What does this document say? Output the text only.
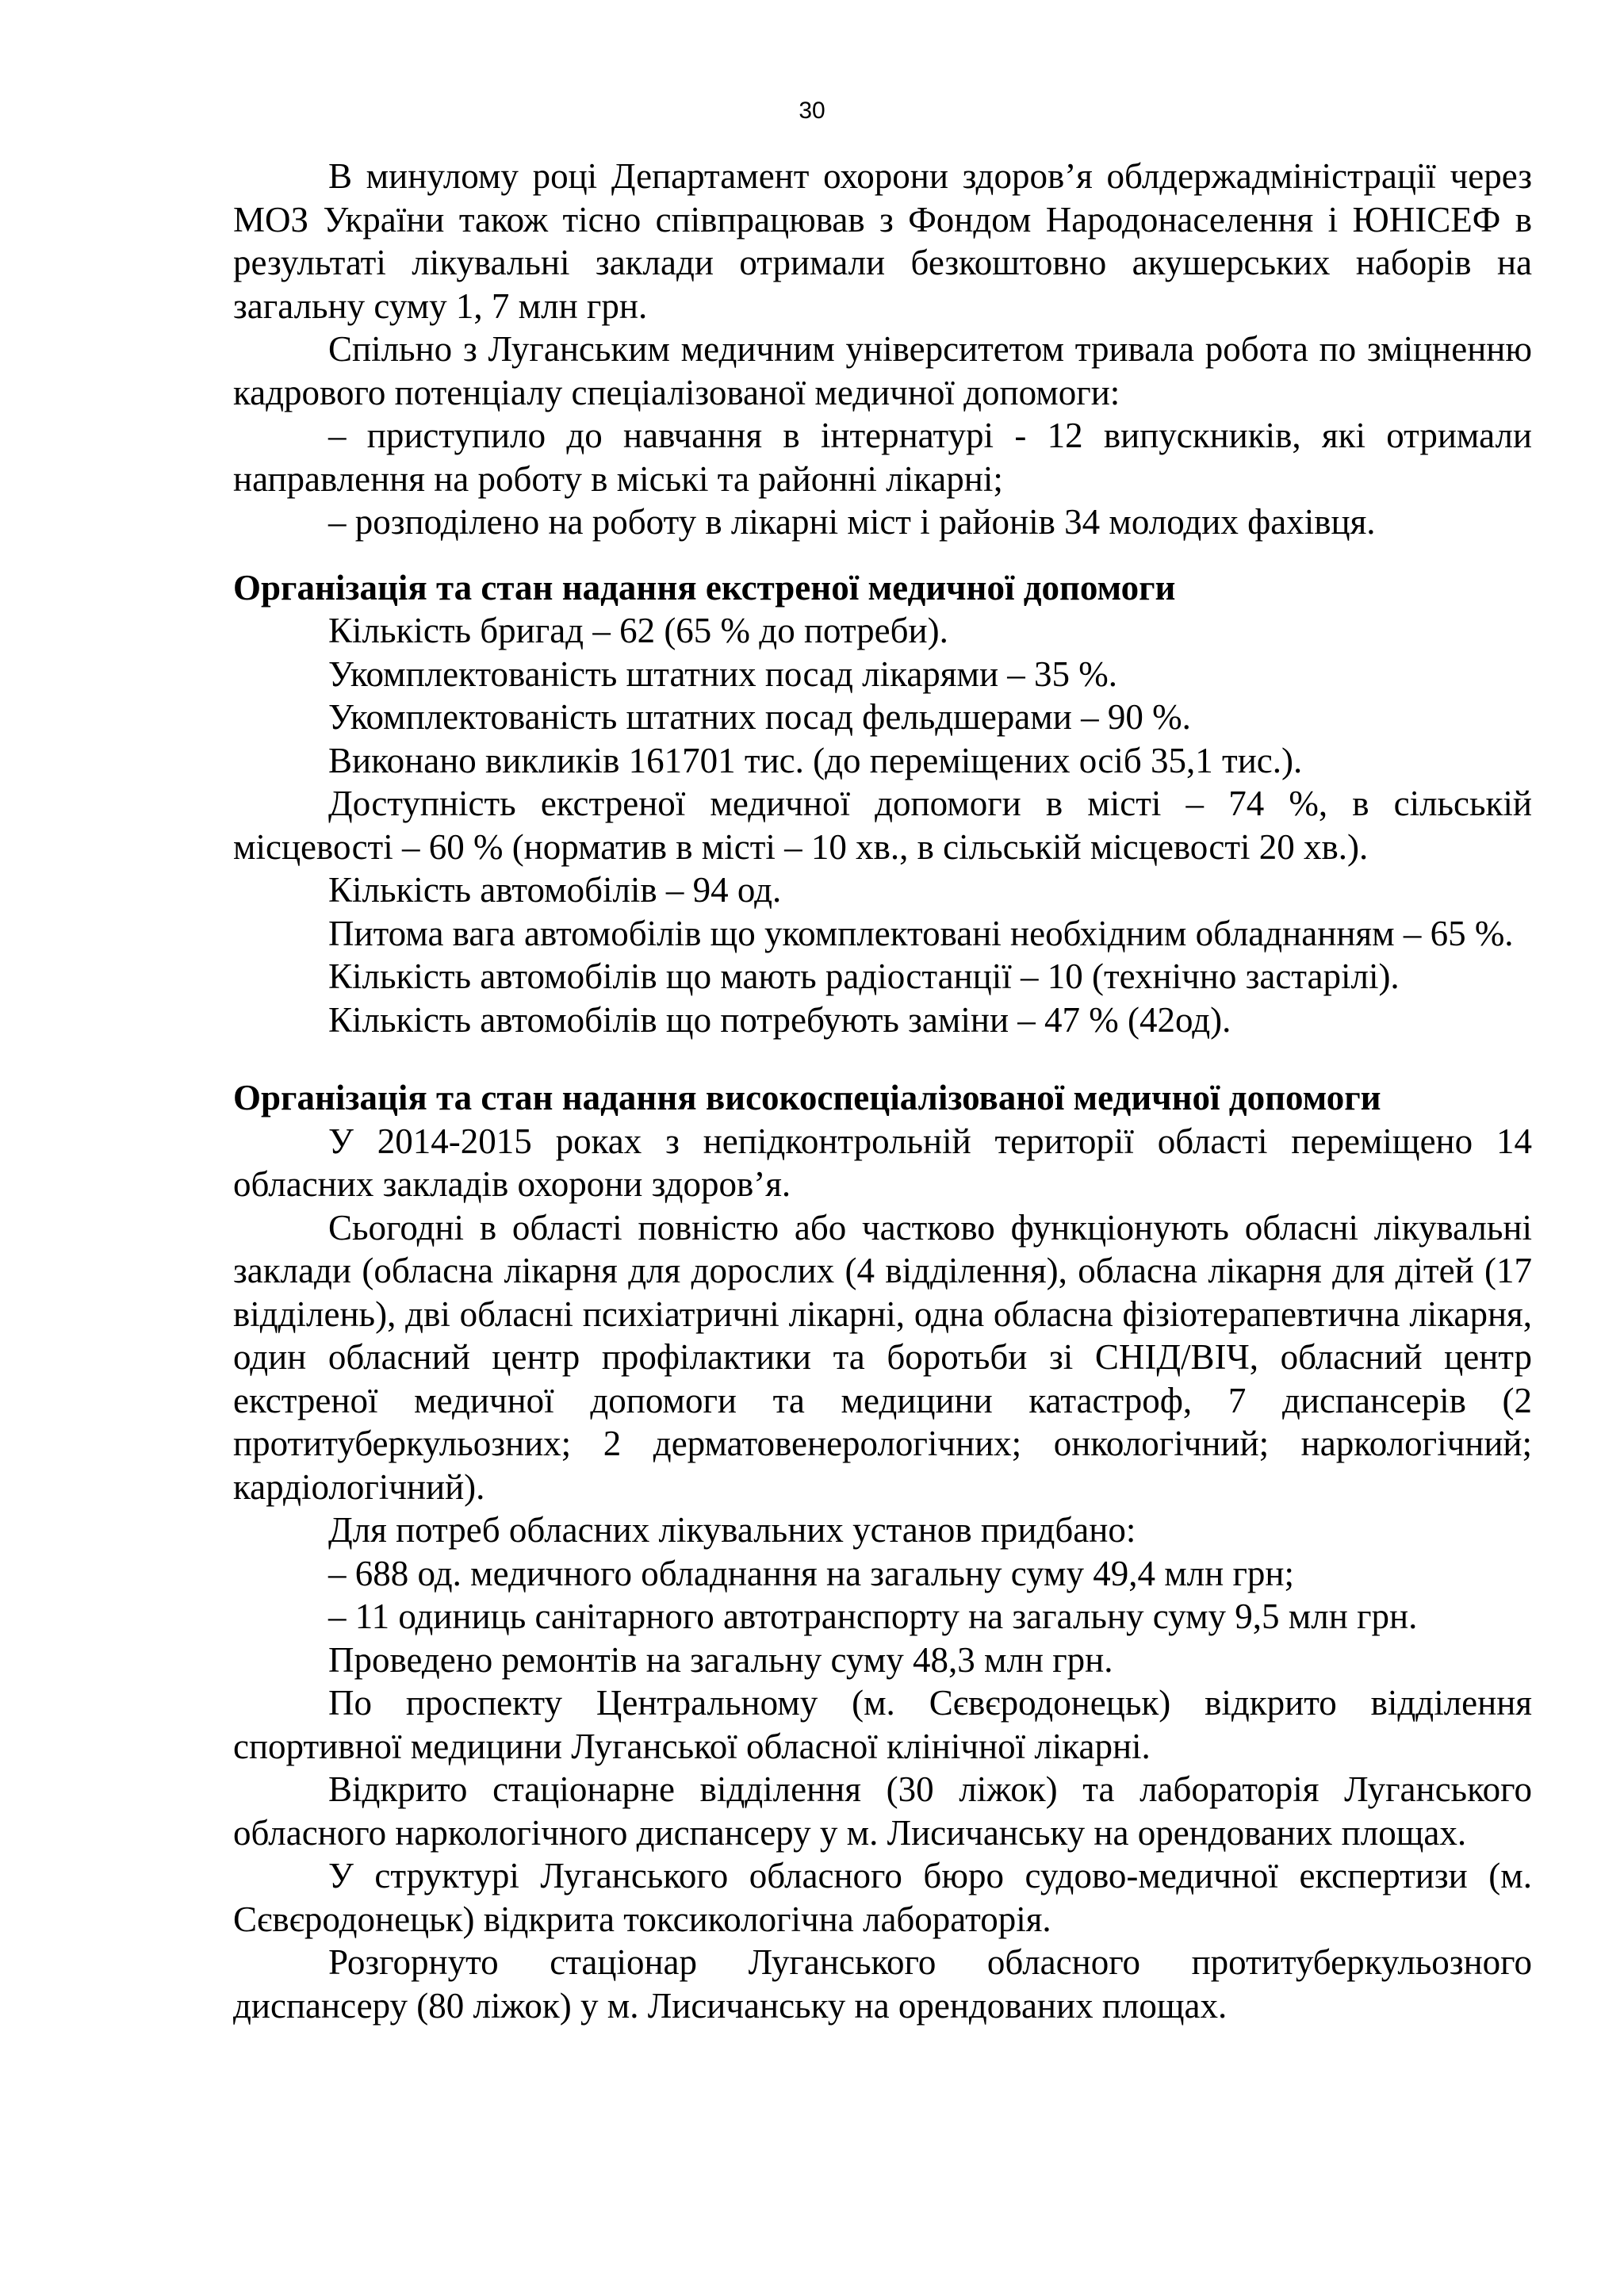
30

В минулому році Департамент охорони здоров’я облдержадміністрації через МОЗ України також тісно співпрацював з Фондом Народонаселення і ЮНІСЕФ в результаті лікувальні заклади отримали безкоштовно акушерських наборів на загальну суму 1, 7 млн грн.

Спільно з Луганським медичним університетом тривала робота по зміцненню кадрового потенціалу спеціалізованої медичної допомоги:

– приступило до навчання в інтернатурі - 12 випускників, які отримали направлення на роботу в міські та районні лікарні;

– розподілено на роботу в лікарні міст і районів 34 молодих фахівця.

Організація та стан надання екстреної медичної допомоги

Кількість бригад – 62 (65 % до потреби).

Укомплектованість штатних посад лікарями – 35 %.

Укомплектованість штатних посад фельдшерами – 90 %.

Виконано викликів 161701 тис. (до переміщених осіб 35,1 тис.).

Доступність екстреної медичної допомоги в місті – 74 %, в сільській місцевості – 60 % (норматив в місті – 10 хв., в сільській місцевості 20 хв.).

Кількість автомобілів – 94 од.

Питома вага автомобілів що укомплектовані необхідним обладнанням – 65 %.

Кількість автомобілів що мають радіостанції – 10 (технічно застарілі).

Кількість автомобілів що потребують заміни – 47 % (42од).

Організація та стан надання високоспеціалізованої медичної допомоги

У 2014-2015 роках з непідконтрольній території області переміщено 14 обласних закладів охорони здоров’я.

Сьогодні в області повністю або частково функціонують обласні лікувальні заклади (обласна лікарня для дорослих (4 відділення), обласна лікарня для дітей (17 відділень), дві обласні психіатричні лікарні, одна обласна фізіотерапевтична лікарня, один обласний центр профілактики та боротьби зі СНІД/ВІЧ, обласний центр екстреної медичної допомоги та медицини катастроф, 7 диспансерів (2 протитуберкульозних; 2 дерматовенерологічних; онкологічний; наркологічний; кардіологічний).

Для потреб обласних лікувальних установ придбано:

– 688 од. медичного обладнання на загальну суму 49,4 млн грн;

– 11 одиниць санітарного автотранспорту на загальну суму 9,5 млн грн.

Проведено ремонтів на загальну суму 48,3 млн грн.

По проспекту Центральному (м. Сєвєродонецьк) відкрито відділення спортивної медицини Луганської обласної клінічної лікарні.

Відкрито стаціонарне відділення (30 ліжок) та лабораторія Луганського обласного наркологічного диспансеру у м. Лисичанську на орендованих площах.

У структурі Луганського обласного бюро судово-медичної експертизи (м. Сєвєродонецьк) відкрита токсикологічна лабораторія.

Розгорнуто стаціонар Луганського обласного протитуберкульозного диспансеру (80 ліжок) у м. Лисичанську на орендованих площах.
